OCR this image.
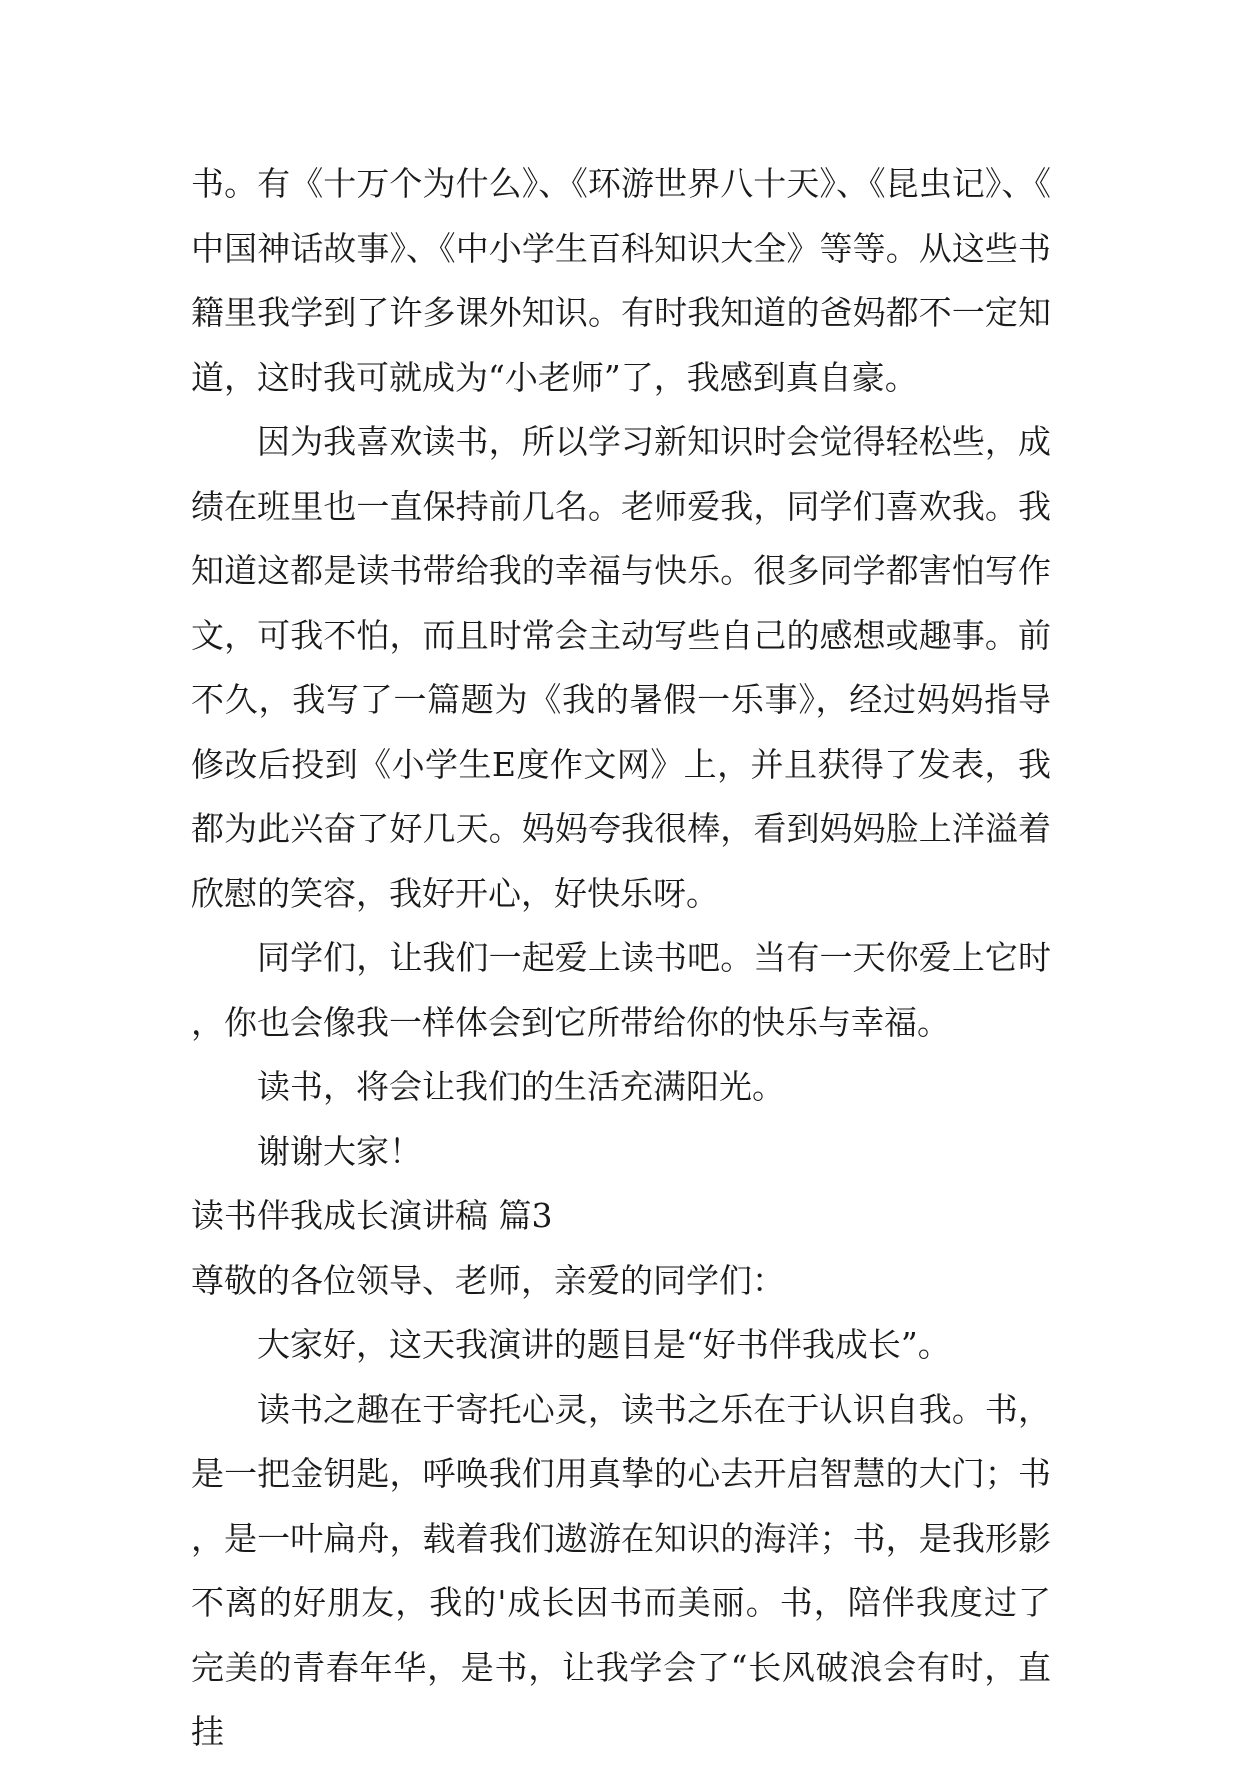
书。有《十万个为什么》、《环游世界八十天》、《昆虫记》、《中国神话故事》、《中小学生百科知识大全》等等。从这些书籍里我学到了许多课外知识。有时我知道的爸妈都不一定知道，这时我可就成为“小老师”了，我感到真自豪。

因为我喜欢读书，所以学习新知识时会觉得轻松些，成绩在班里也一直保持前几名。老师爱我，同学们喜欢我。我知道这都是读书带给我的幸福与快乐。很多同学都害怕写作文，可我不怕，而且时常会主动写些自己的感想或趣事。前不久，我写了一篇题为《我的暑假一乐事》，经过妈妈指导修改后投到《小学生E度作文网》上，并且获得了发表，我都为此兴奋了好几天。妈妈夸我很棒，看到妈妈脸上洋溢着欣慰的笑容，我好开心，好快乐呀。

同学们，让我们一起爱上读书吧。当有一天你爱上它时，你也会像我一样体会到它所带给你的快乐与幸福。

读书，将会让我们的生活充满阳光。

谢谢大家！

读书伴我成长演讲稿 篇3

尊敬的各位领导、老师，亲爱的同学们：

大家好，这天我演讲的题目是“好书伴我成长”。

读书之趣在于寄托心灵，读书之乐在于认识自我。书，是一把金钥匙，呼唤我们用真挚的心去开启智慧的大门；书，是一叶扁舟，载着我们遨游在知识的海洋；书，是我形影不离的好朋友，我的'成长因书而美丽。书，陪伴我度过了完美的青春年华，是书，让我学会了“长风破浪会有时，直挂
